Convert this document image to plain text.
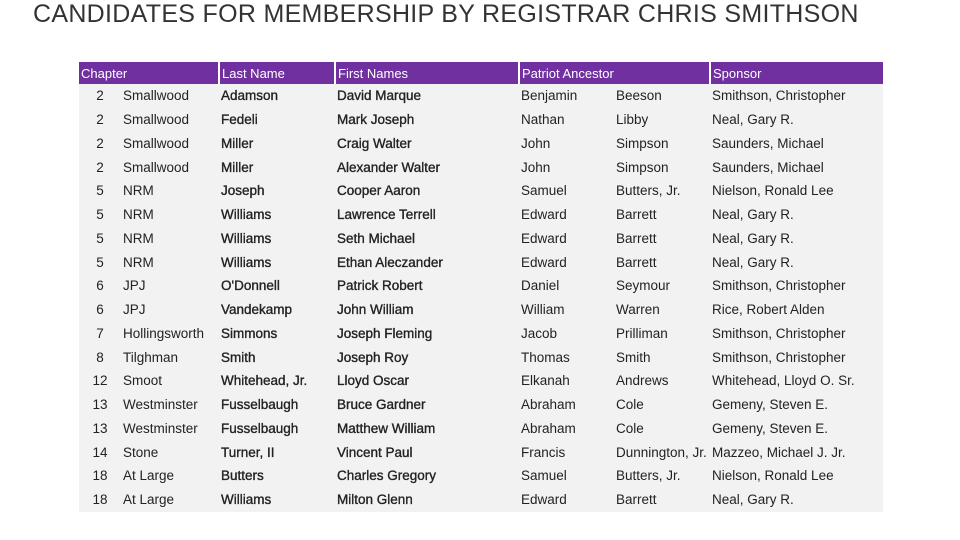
CANDIDATES FOR MEMBERSHIP BY REGISTRAR CHRIS SMITHSON
Chapter		Last Name	First Names	Patriot Ancestor		Sponsor
2	Smallwood	Adamson	David Marque	Benjamin	Beeson	Smithson, Christopher
2	Smallwood	Fedeli	Mark Joseph	Nathan	Libby	Neal, Gary R.
2	Smallwood	Miller	Craig Walter	John	Simpson	Saunders, Michael
2	Smallwood	Miller	Alexander Walter	John	Simpson	Saunders, Michael
5	NRM	Joseph	Cooper Aaron	Samuel	Butters, Jr.	Nielson, Ronald Lee
5	NRM	Williams	Lawrence Terrell	Edward	Barrett	Neal, Gary R.
5	NRM	Williams	Seth Michael	Edward	Barrett	Neal, Gary R.
5	NRM	Williams	Ethan Aleczander	Edward	Barrett	Neal, Gary R.
6	JPJ	O'Donnell	Patrick Robert	Daniel	Seymour	Smithson, Christopher
6	JPJ	Vandekamp	John William	William	Warren	Rice, Robert Alden
7	Hollingsworth	Simmons	Joseph Fleming	Jacob	Prilliman	Smithson, Christopher
8	Tilghman	Smith	Joseph Roy	Thomas	Smith	Smithson, Christopher
12	Smoot	Whitehead, Jr.	Lloyd Oscar	Elkanah	Andrews	Whitehead, Lloyd O. Sr.
13	Westminster	Fusselbaugh	Bruce Gardner	Abraham	Cole	Gemeny, Steven E.
13	Westminster	Fusselbaugh	Matthew William	Abraham	Cole	Gemeny, Steven E.
14	Stone	Turner, II	Vincent Paul	Francis	Dunnington, Jr.	Mazzeo, Michael J. Jr.
18	At Large	Butters	Charles Gregory	Samuel	Butters, Jr.	Nielson, Ronald Lee
18	At Large	Williams	Milton Glenn	Edward	Barrett	Neal, Gary R.
